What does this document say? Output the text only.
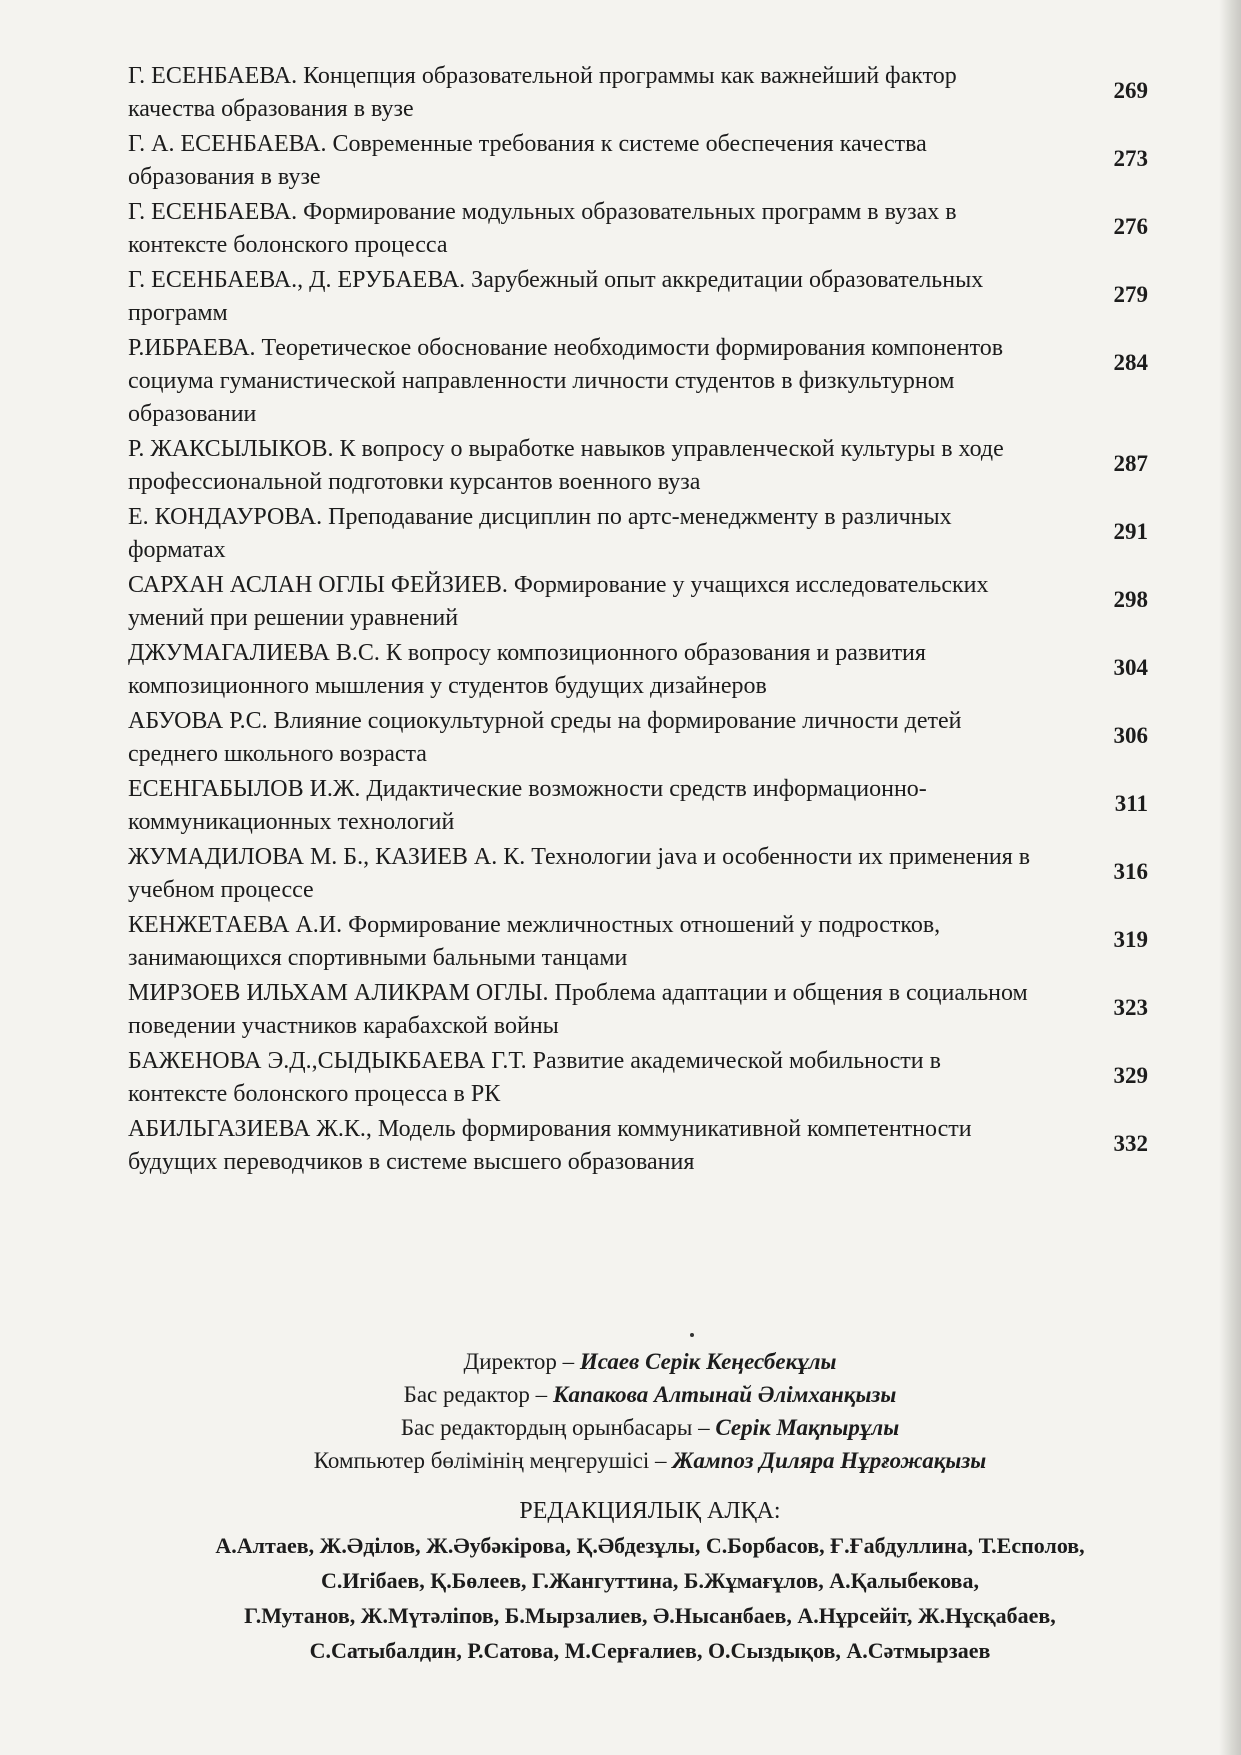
Г. ЕСЕНБАЕВА. Концепция образовательной программы как важнейший фактор качества образования в вузе
269
Г. А. ЕСЕНБАЕВА. Современные требования к системе обеспечения качества образования в вузе
273
Г. ЕСЕНБАЕВА. Формирование модульных образовательных программ в вузах в контексте болонского процесса
276
Г. ЕСЕНБАЕВА., Д. ЕРУБАЕВА. Зарубежный опыт аккредитации образовательных программ
279
Р.ИБРАЕВА. Теоретическое обоснование необходимости формирования компонентов социума гуманистической направленности личности студентов в физкультурном образовании
284
Р. ЖАКСЫЛЫКОВ. К вопросу о выработке навыков управленческой культуры в ходе профессиональной подготовки курсантов военного вуза
287
Е. КОНДАУРОВА. Преподавание дисциплин по артс-менеджменту в различных форматах
291
САРХАН АСЛАН ОГЛЫ ФЕЙЗИЕВ. Формирование у учащихся исследовательских умений при решении уравнений
298
ДЖУМАГАЛИЕВА В.С. К вопросу композиционного образования и развития композиционного мышления у студентов будущих дизайнеров
304
АБУОВА Р.С. Влияние социокультурной среды на формирование личности детей среднего школьного возраста
306
ЕСЕНГАБЫЛОВ И.Ж. Дидактические возможности средств информационно-коммуникационных технологий
311
ЖУМАДИЛОВА М. Б., КАЗИЕВ А. К. Технологии java и особенности их применения в учебном процессе
316
КЕНЖЕТАЕВА А.И. Формирование межличностных отношений у подростков, занимающихся спортивными бальными танцами
319
МИРЗОЕВ ИЛЬХАМ АЛИКРАМ ОГЛЫ. Проблема адаптации и общения в социальном поведении участников карабахской войны
323
БАЖЕНОВА Э.Д.,СЫДЫКБАЕВА Г.Т. Развитие академической мобильности в контексте болонского процесса в РК
329
АБИЛЬГАЗИЕВА Ж.К., Модель формирования коммуникативной компетентности будущих переводчиков в системе высшего образования
332
Директор – Исаев Серік Кеңесбекұлы
Бас редактор – Капакова Алтынай Әлімханқызы
Бас редактордың орынбасары – Серік Мақпырұлы
Компьютер бөлімінің меңгерушісі – Жампоз Диляра Нұрғожақызы
РЕДАКЦИЯЛЫҚ АЛҚА:
А.Алтаев, Ж.Әділов, Ж.Әубәкірова, Қ.Әбдезұлы, С.Борбасов, Ғ.Ғабдуллина, Т.Есполов,
С.Игібаев, Қ.Бөлеев, Г.Жангуттина, Б.Жұмағұлов, А.Қалыбекова,
Г.Мутанов, Ж.Мүтәліпов, Б.Мырзалиев, Ә.Нысанбаев, А.Нұрсейіт, Ж.Нұсқабаев,
С.Сатыбалдин, Р.Сатова, М.Серғалиев, О.Сыздықов, А.Сәтмырзаев
